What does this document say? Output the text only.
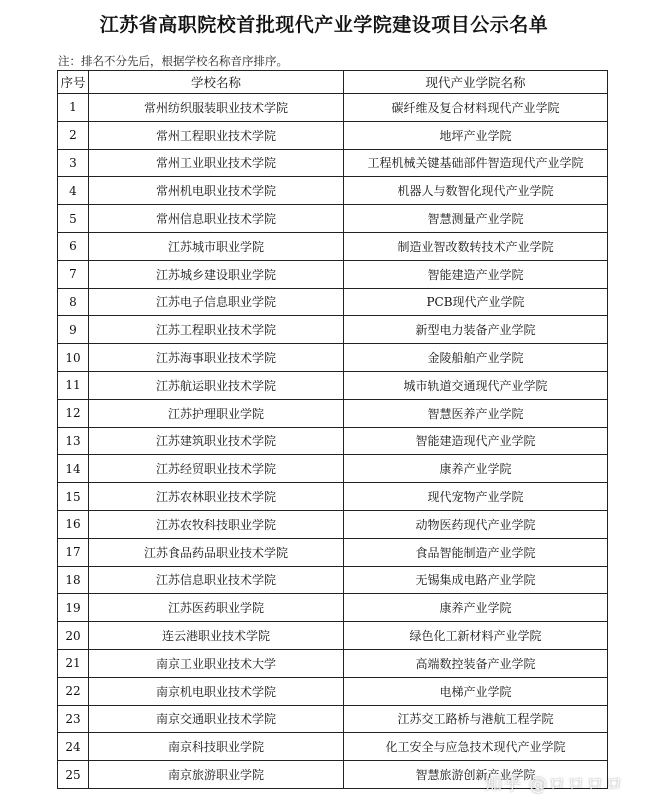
江苏省高职院校首批现代产业学院建设项目公示名单
注：排名不分先后，根据学校名称音序排序。
序号	学校名称	现代产业学院名称
1	常州纺织服装职业技术学院	碳纤维及复合材料现代产业学院
2	常州工程职业技术学院	地坪产业学院
3	常州工业职业技术学院	工程机械关键基础部件智造现代产业学院
4	常州机电职业技术学院	机器人与数智化现代产业学院
5	常州信息职业技术学院	智慧测量产业学院
6	江苏城市职业学院	制造业智改数转技术产业学院
7	江苏城乡建设职业学院	智能建造产业学院
8	江苏电子信息职业学院	PCB现代产业学院
9	江苏工程职业技术学院	新型电力装备产业学院
10	江苏海事职业技术学院	金陵船舶产业学院
11	江苏航运职业技术学院	城市轨道交通现代产业学院
12	江苏护理职业学院	智慧医养产业学院
13	江苏建筑职业技术学院	智能建造现代产业学院
14	江苏经贸职业技术学院	康养产业学院
15	江苏农林职业技术学院	现代宠物产业学院
16	江苏农牧科技职业学院	动物医药现代产业学院
17	江苏食品药品职业技术学院	食品智能制造产业学院
18	江苏信息职业技术学院	无锡集成电路产业学院
19	江苏医药职业学院	康养产业学院
20	连云港职业技术学院	绿色化工新材料产业学院
21	南京工业职业技术大学	高端数控装备产业学院
22	南京机电职业技术学院	电梯产业学院
23	南京交通职业技术学院	江苏交工路桥与港航工程学院
24	南京科技职业学院	化工安全与应急技术现代产业学院
25	南京旅游职业学院	智慧旅游创新产业学院
知乎 @ロロロロ
